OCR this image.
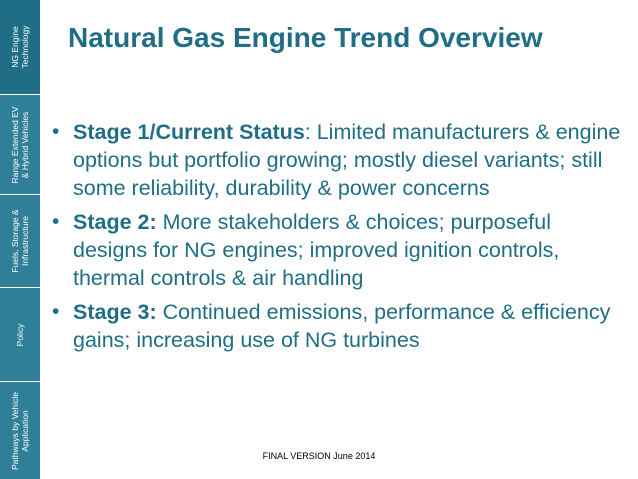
NG Engine Technology
Range Extended EV & Hybrid Vehicles
Fuels, Storage & Infrastructure
Policy
Pathways by Vehicle Application
Natural Gas Engine Trend Overview
• Stage 1/Current Status: Limited manufacturers & engine options but portfolio growing; mostly diesel variants; still some reliability, durability & power concerns
• Stage 2: More stakeholders & choices; purposeful designs for NG engines; improved ignition controls, thermal controls & air handling
• Stage 3: Continued emissions, performance & efficiency gains; increasing use of NG turbines
FINAL VERSION June 2014
